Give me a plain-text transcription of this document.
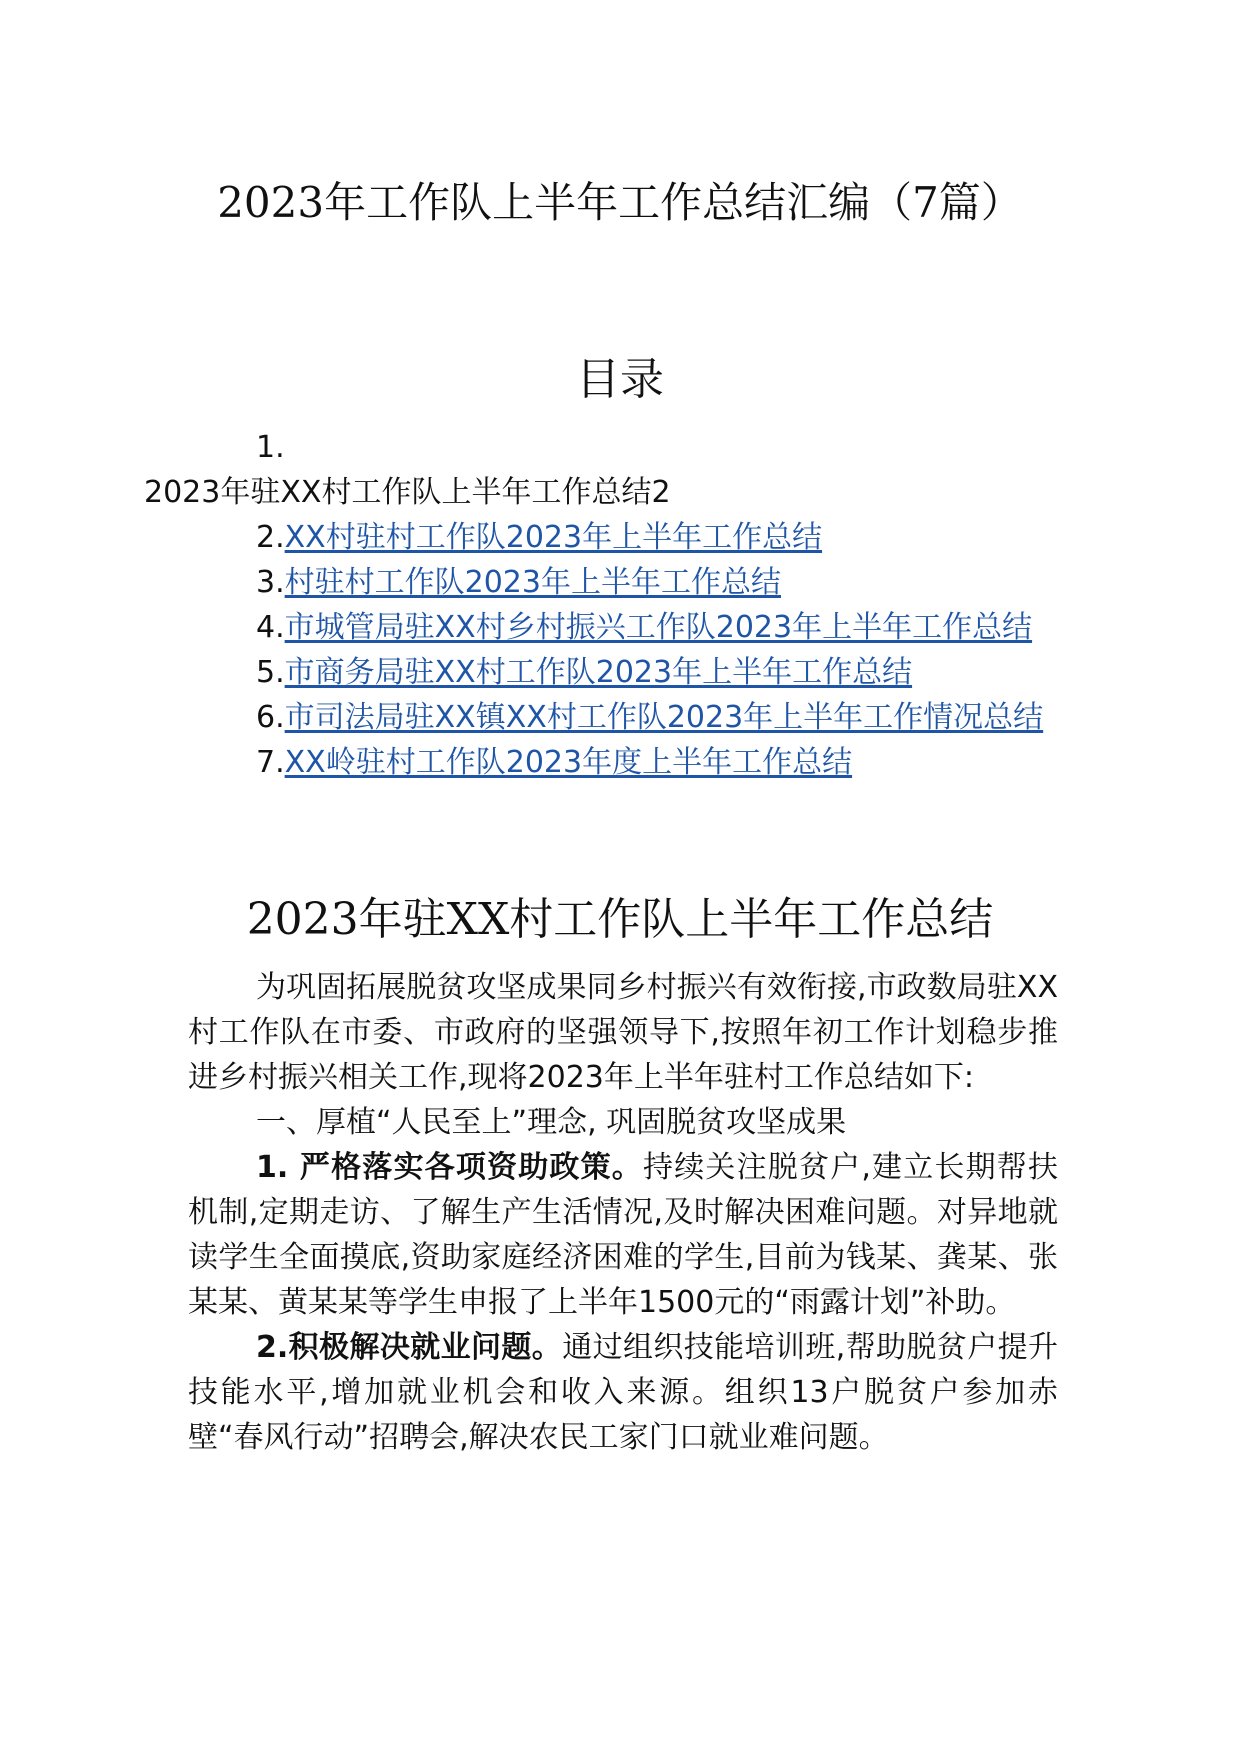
2023年工作队上半年工作总结汇编（7篇）
目录
1.
2023年驻XX村工作队上半年工作总结2
2.XX村驻村工作队2023年上半年工作总结
3.村驻村工作队2023年上半年工作总结
4.市城管局驻XX村乡村振兴工作队2023年上半年工作总结
5.市商务局驻XX村工作队2023年上半年工作总结
6.市司法局驻XX镇XX村工作队2023年上半年工作情况总结
7.XX岭驻村工作队2023年度上半年工作总结
2023年驻XX村工作队上半年工作总结

为巩固拓展脱贫攻坚成果同乡村振兴有效衔接,市政数局驻XX村工作队在市委、市政府的坚强领导下,按照年初工作计划稳步推进乡村振兴相关工作,现将2023年上半年驻村工作总结如下:

一、厚植“人民至上”理念, 巩固脱贫攻坚成果

1. 严格落实各项资助政策。持续关注脱贫户,建立长期帮扶机制,定期走访、了解生产生活情况,及时解决困难问题。对异地就读学生全面摸底,资助家庭经济困难的学生,目前为钱某、龚某、张某某、黄某某等学生申报了上半年1500元的“雨露计划”补助。

2.积极解决就业问题。通过组织技能培训班,帮助脱贫户提升技能水平,增加就业机会和收入来源。组织13户脱贫户参加赤壁“春风行动”招聘会,解决农民工家门口就业难问题。
